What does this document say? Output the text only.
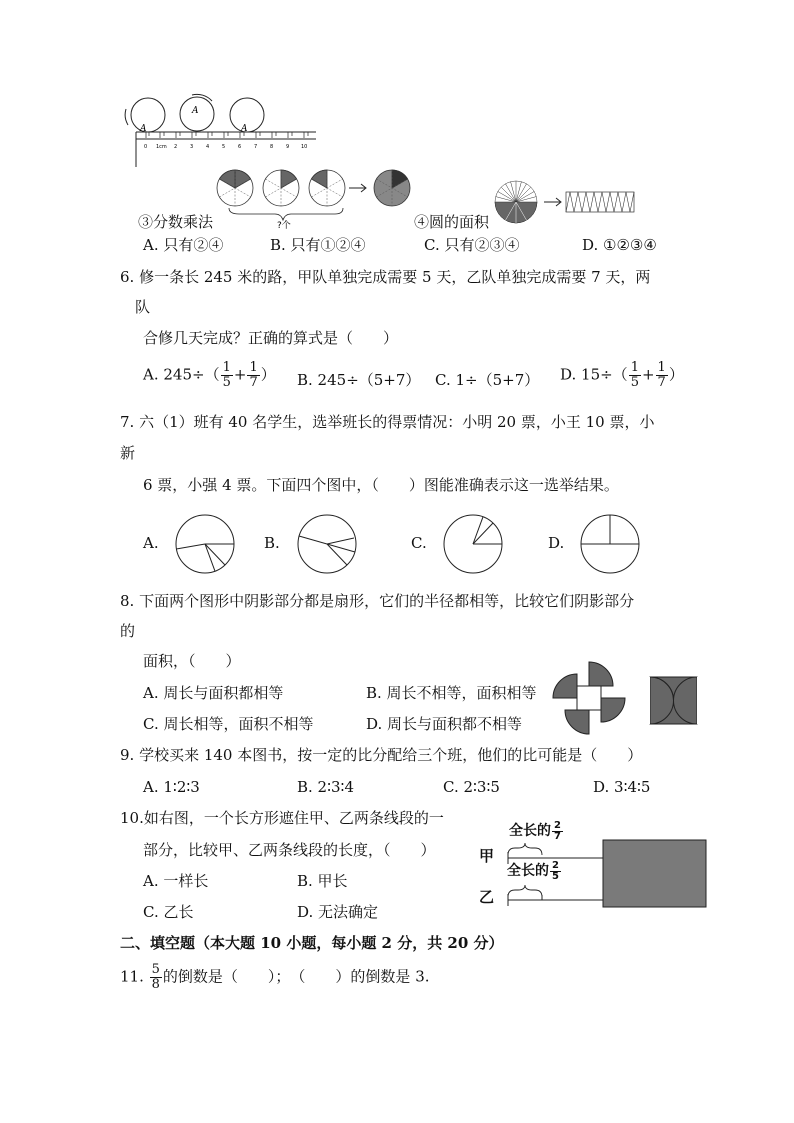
A
A
A
0 1cm 2	3	4	5	6	7	8	9 10
?个
③分数乘法	④圆的面积
A. 只有②④	B. 只有①②④	C. 只有②③④	D. ①②③④
6. 修一条长 245 米的路，甲队单独完成需要 5 天，乙队单独完成需要 7 天，两
队
合修几天完成？正确的算式是（　　）
A. $245\div( \frac{1}{5} + \frac{1}{7}$ ） B. 245÷（5+7） C. 1÷（5+7） D. $15\div( \frac{1}{5} + \frac{1}{7}$ ）
7. 六（1）班有 40 名学生，选举班长的得票情况：小明 20 票，小王 10 票，小
新
6 票，小强 4 票。下面四个图中，（　　）图能准确表示这一选举结果。
A.	B.	C.	D.
8. 下面两个图形中阴影部分都是扇形，它们的半径都相等，比较它们阴影部分
的
面积，（　　）
A. 周长与面积都相等	B. 周长不相等，面积相等
C. 周长相等，面积不相等	D. 周长与面积都不相等
9. 学校买来 140 本图书，按一定的比分配给三个班，他们的比可能是（　　）
A. 1∶2∶3	B. 2∶3∶4	C. 2∶3∶5	D. 3∶4∶5
10.如右图，一个长方形遮住甲、乙两条线段的一
部分，比较甲、乙两条线段的长度，（　　）
A. 一样长	B. 甲长
C. 乙长	D. 无法确定
甲
乙
全长的 $\frac{2}{7}$
全长的 $\frac{2}{5}$
二、填空题（本大题 10 小题，每小题 2 分，共 20 分）
11. $\frac{5}{8}$ 的倒数是（　　）；　（　　）的倒数是 3.
